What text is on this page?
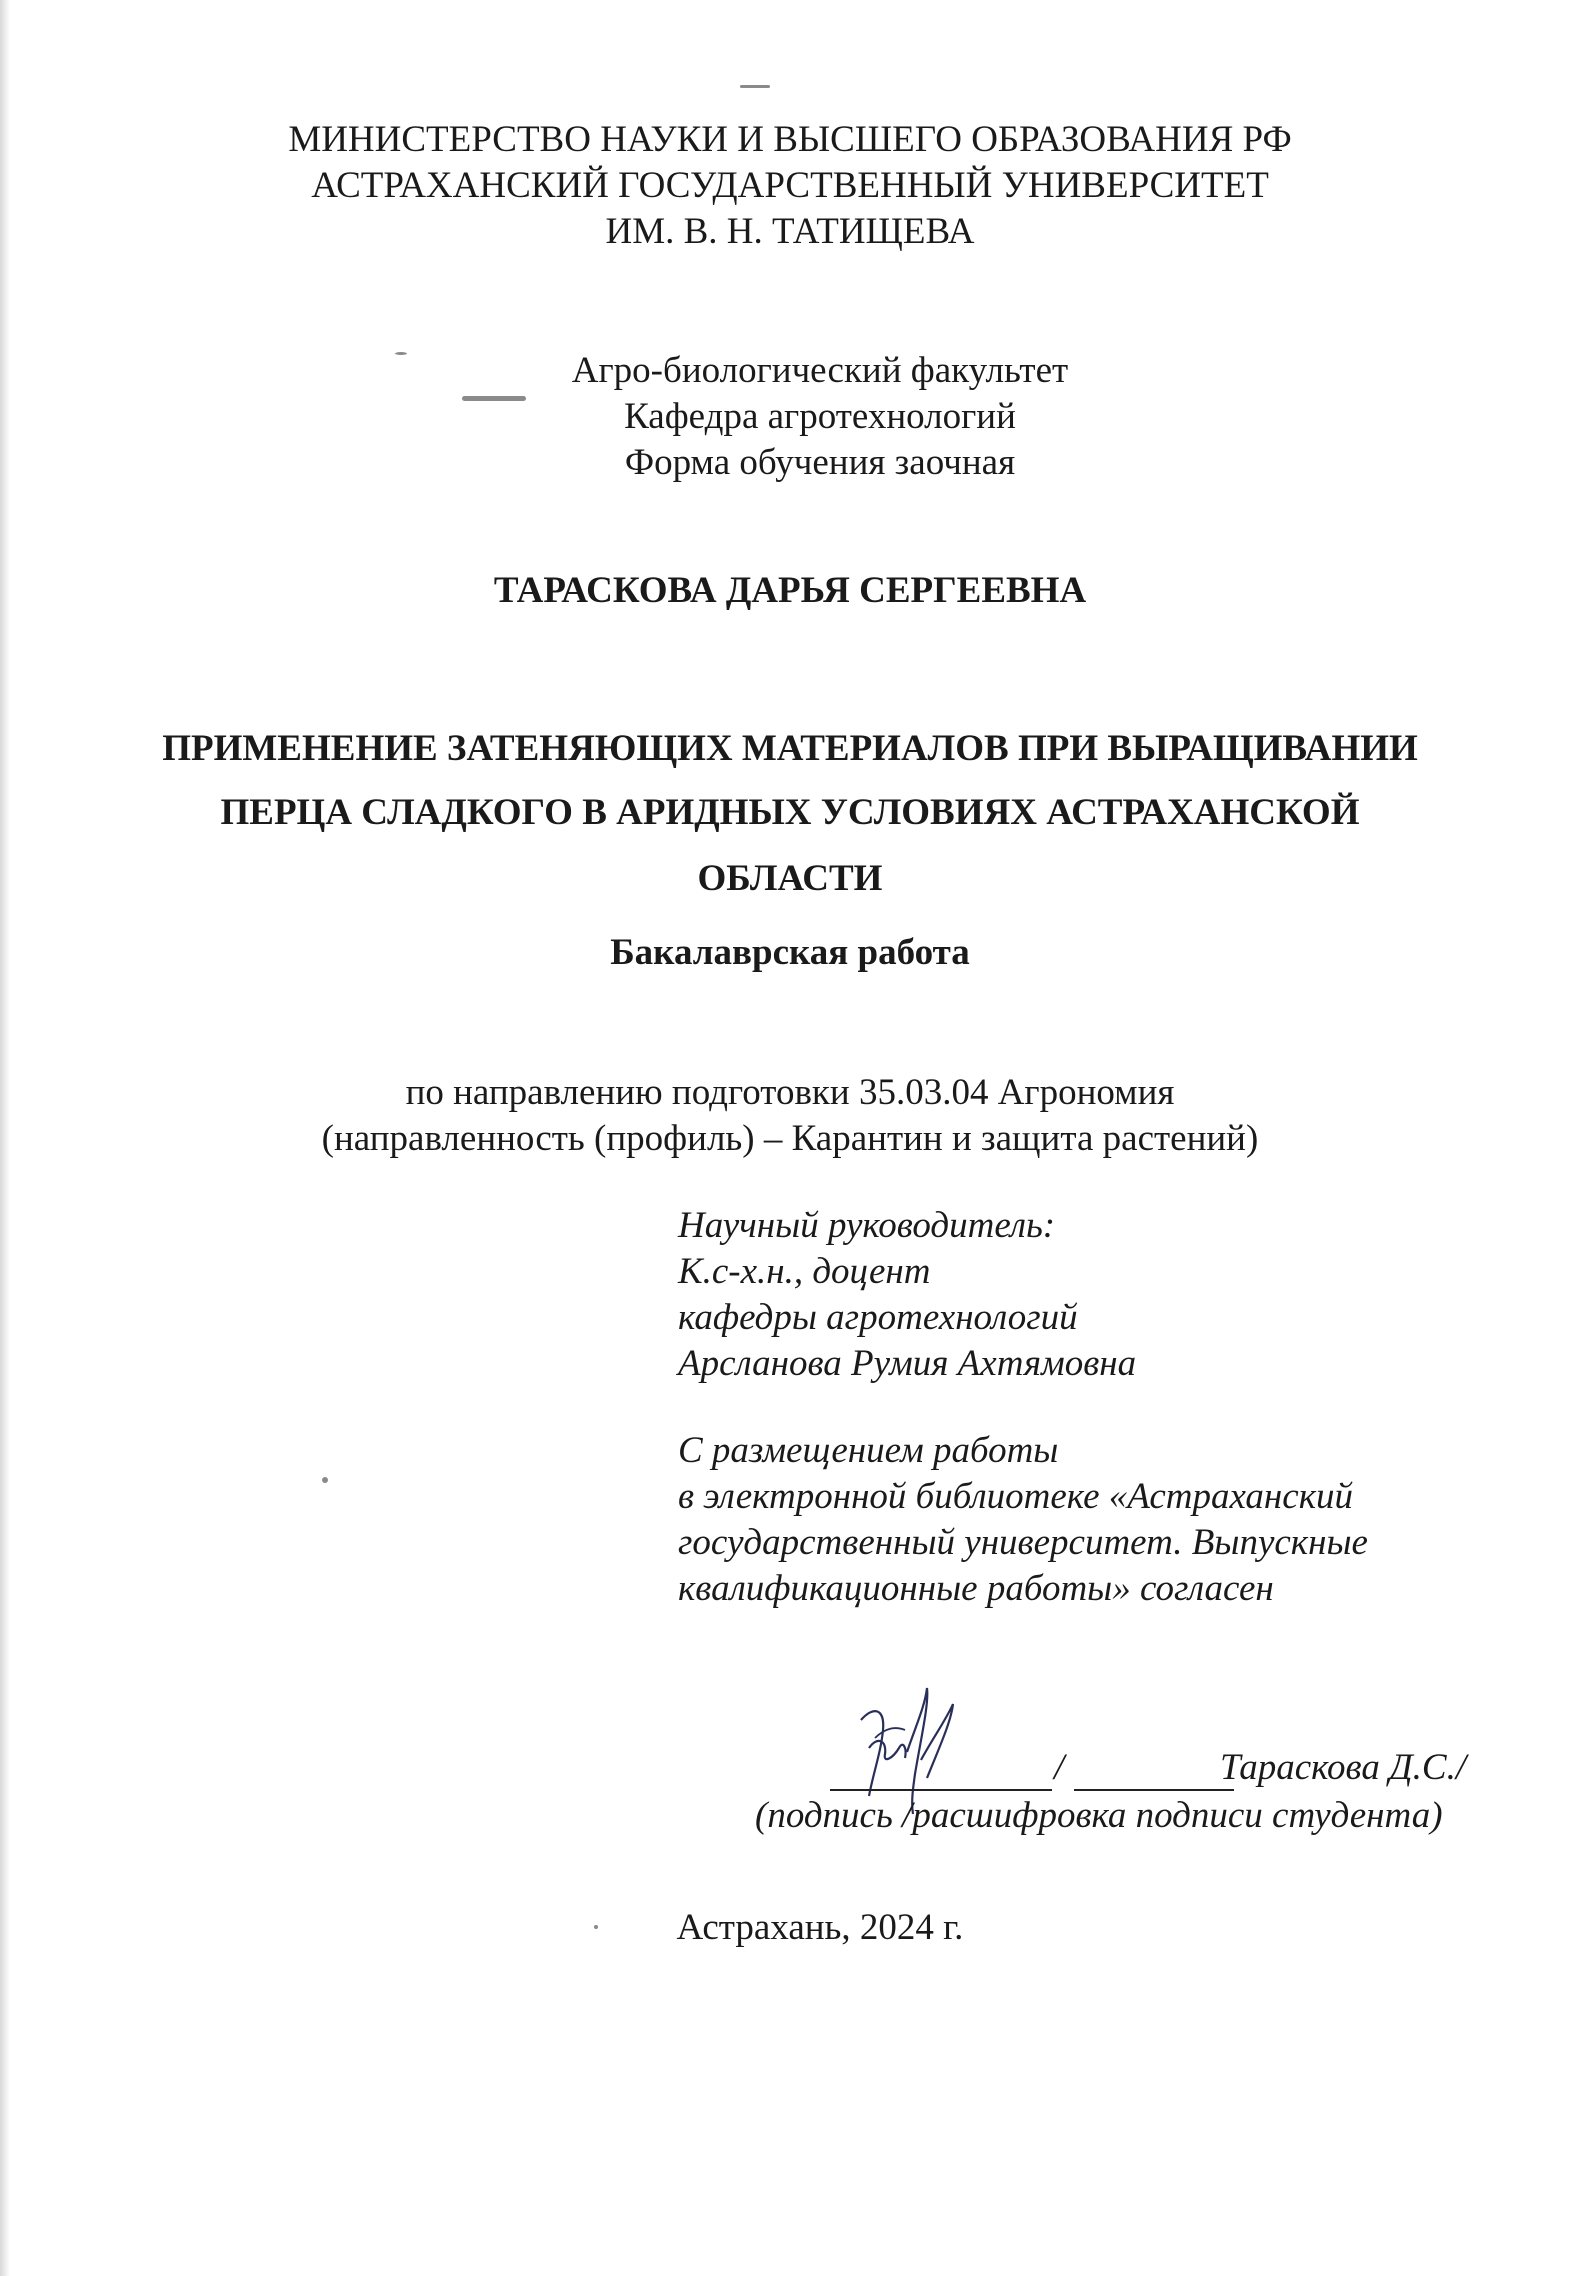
МИНИСТЕРСТВО НАУКИ И ВЫСШЕГО ОБРАЗОВАНИЯ РФ
АСТРАХАНСКИЙ ГОСУДАРСТВЕННЫЙ УНИВЕРСИТЕТ
ИМ. В. Н. ТАТИЩЕВА
Агро-биологический факультет
Кафедра агротехнологий
Форма обучения заочная
ТАРАСКОВА ДАРЬЯ СЕРГЕЕВНА
ПРИМЕНЕНИЕ ЗАТЕНЯЮЩИХ МАТЕРИАЛОВ ПРИ ВЫРАЩИВАНИИ
ПЕРЦА СЛАДКОГО В АРИДНЫХ УСЛОВИЯХ АСТРАХАНСКОЙ
ОБЛАСТИ
Бакалаврская работа
по направлению подготовки 35.03.04 Агрономия
(направленность (профиль) – Карантин и защита растений)
Научный руководитель:
К.с-х.н., доцент
кафедры агротехнологий
Арсланова Румия Ахтямовна
С размещением работы
в электронной библиотеке «Астраханский
государственный университет. Выпускные
квалификационные работы» согласен
/	Тараскова Д.С./
(подпись /расшифровка подписи студента)
Астрахань, 2024 г.
